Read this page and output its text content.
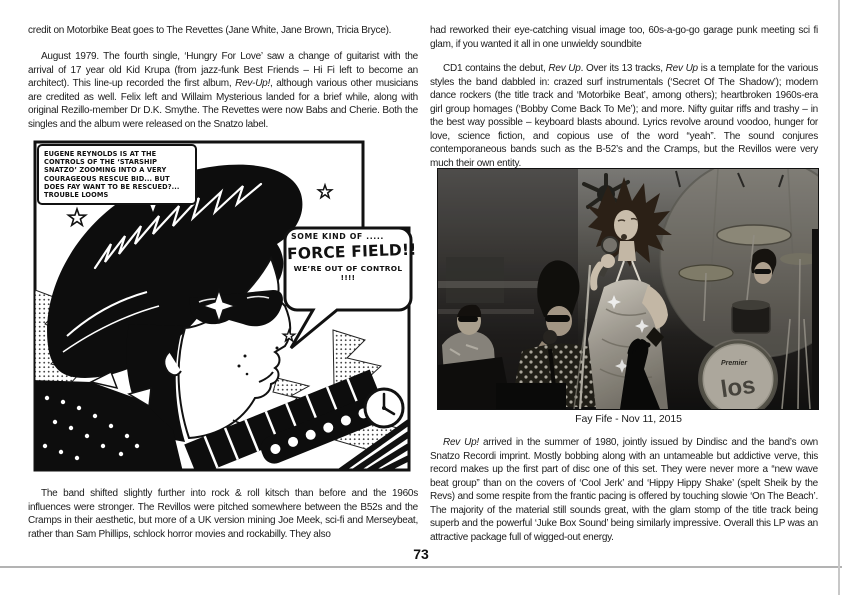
credit on Motorbike Beat goes to The Revettes (Jane White, Jane Brown, Tricia Bryce).

August 1979. The fourth single, ‘Hungry For Love’ saw a change of guitarist with the arrival of 17 year old Kid Krupa (from jazz-funk Best Friends – Hi Fi left to become an architect). This line-up recorded the first album, Rev-Up!, although various other musicians are credited as well. Felix left and Willaim Mysterious landed for a brief while, along with original Rezillo-member Dr D.K. Smythe. The Revettes were now Babs and Cherie. Both the singles and the album were released on the Snatzo label.

EUGENE REYNOLDS IS AT THE CONTROLS OF THE ‘STARSHIP SNATZO’ ZOOMING INTO A VERY COURAGEOUS RESCUE BID... BUT DOES FAY WANT TO BE RESCUED?... TROUBLE LOOMS
SOME KIND OF .....
FORCE FIELD!!
WE’RE OUT OF CONTROL !!!!

The band shifted slightly further into rock & roll kitsch than before and the 1960s influences were stronger. The Revillos were pitched somewhere between the B52s and the Cramps in their aesthetic, but more of a UK version mining Joe Meek, sci-fi and Merseybeat, rather than Sam Phillips, schlock horror movies and rockabilly. They also

had reworked their eye-catching visual image too, 60s-a-go-go garage punk meeting sci fi glam, if you wanted it all in one unwieldy soundbite

CD1 contains the debut, Rev Up. Over its 13 tracks, Rev Up is a template for the various styles the band dabbled in: crazed surf instrumentals (‘Secret Of The Shadow’); modern dance rockers (the title track and ‘Motorbike Beat’, among others); heartbroken 1960s-era girl group homages (‘Bobby Come Back To Me’); and more. Nifty guitar riffs and trashy – in the best way possible – keyboard blasts abound. Lyrics revolve around voodoo, hunger for love, science fiction, and copious use of the word “yeah”. The sound conjures contemporaneous bands such as the B-52’s and the Cramps, but the Revillos were very much their own entity.

Premier
los
Fay Fife - Nov 11, 2015

Rev Up! arrived in the summer of 1980, jointly issued by Dindisc and the band’s own Snatzo Recordi imprint. Mostly bobbing along with an untameable but addictive verve, this record makes up the first part of disc one of this set. They were never more a “new wave beat group” than on the covers of ‘Cool Jerk’ and ‘Hippy Hippy Shake’ (spelt Sheik by the Revs) and some respite from the frantic pacing is offered by touching slowie ‘On The Beach’. The majority of the material still sounds great, with the glam stomp of the title track being superb and the powerful ‘Juke Box Sound’ being similarly impressive. Overall this LP was an attractive package full of wigged-out energy.

73
